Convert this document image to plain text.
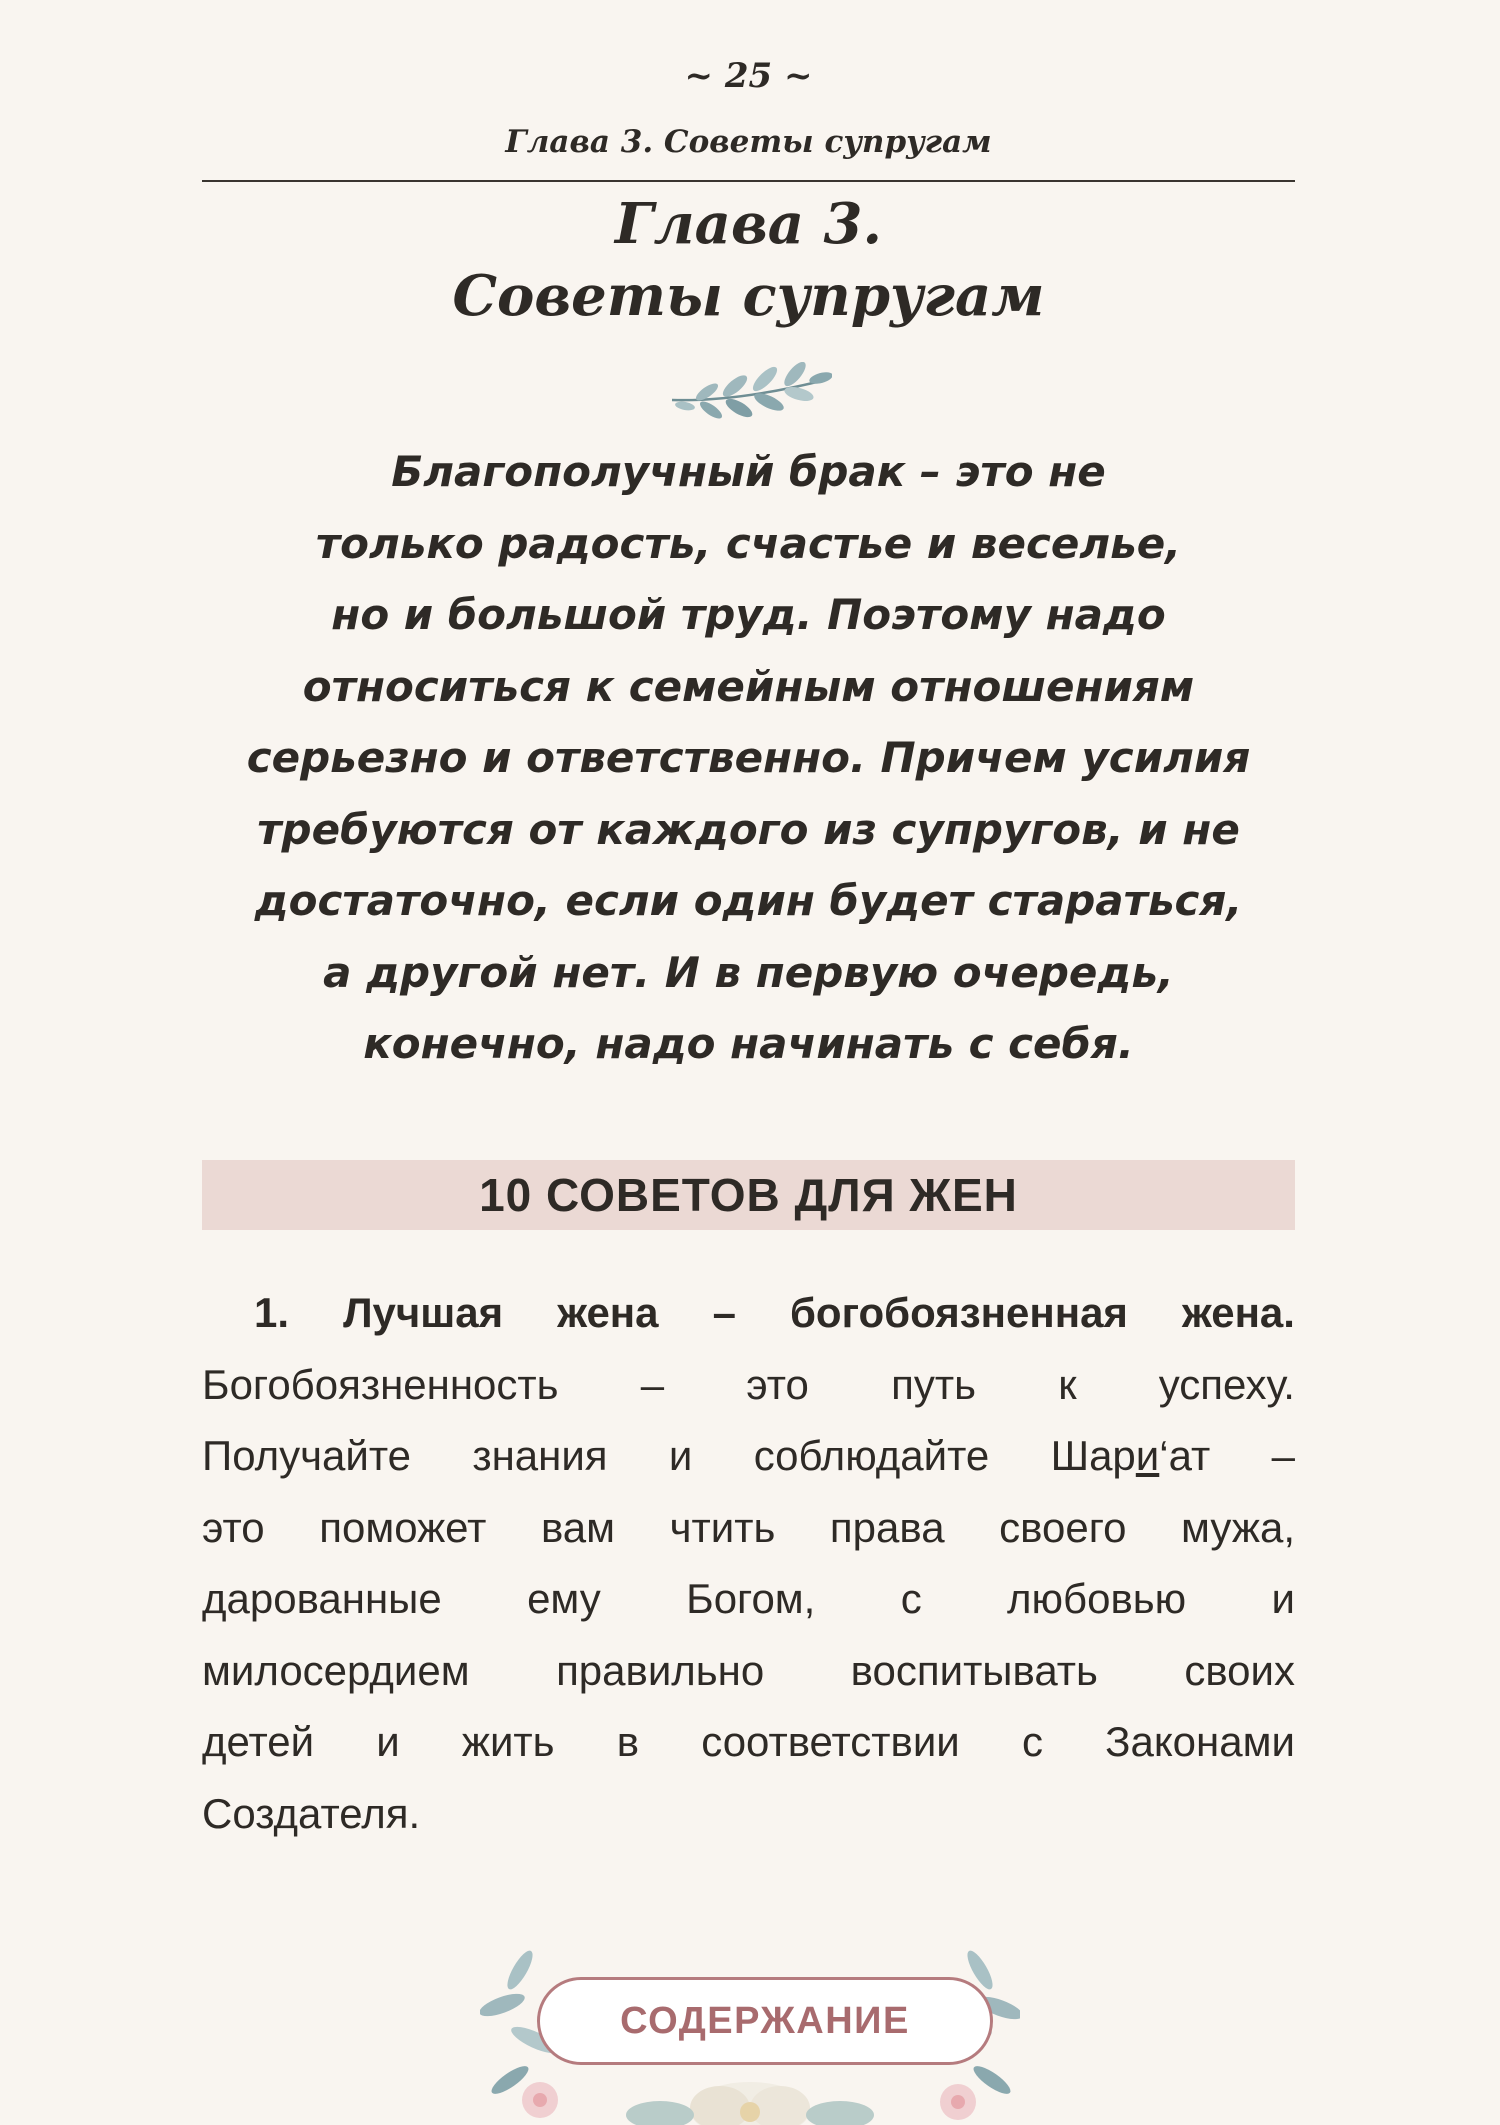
~ 25 ~
Глава 3. Советы супругам
Глава 3.
Советы супругам
Благополучный брак – это не
только радость, счастье и веселье,
но и большой труд. Поэтому надо
относиться к семейным отношениям
серьезно и ответственно. Причем усилия
требуются от каждого из супругов, и не
достаточно, если один будет стараться,
а другой нет. И в первую очередь,
конечно, надо начинать с себя.
10 СОВЕТОВ ДЛЯ ЖЕН
1. Лучшая жена – богобоязненная жена.
Богобоязненность – это путь к успеху.
Получайте знания и соблюдайте Шари‘ат –
это поможет вам чтить права своего мужа,
дарованные ему Богом, с любовью и
милосердием правильно воспитывать своих
детей и жить в соответствии с Законами
Создателя.
СОДЕРЖАНИЕ
